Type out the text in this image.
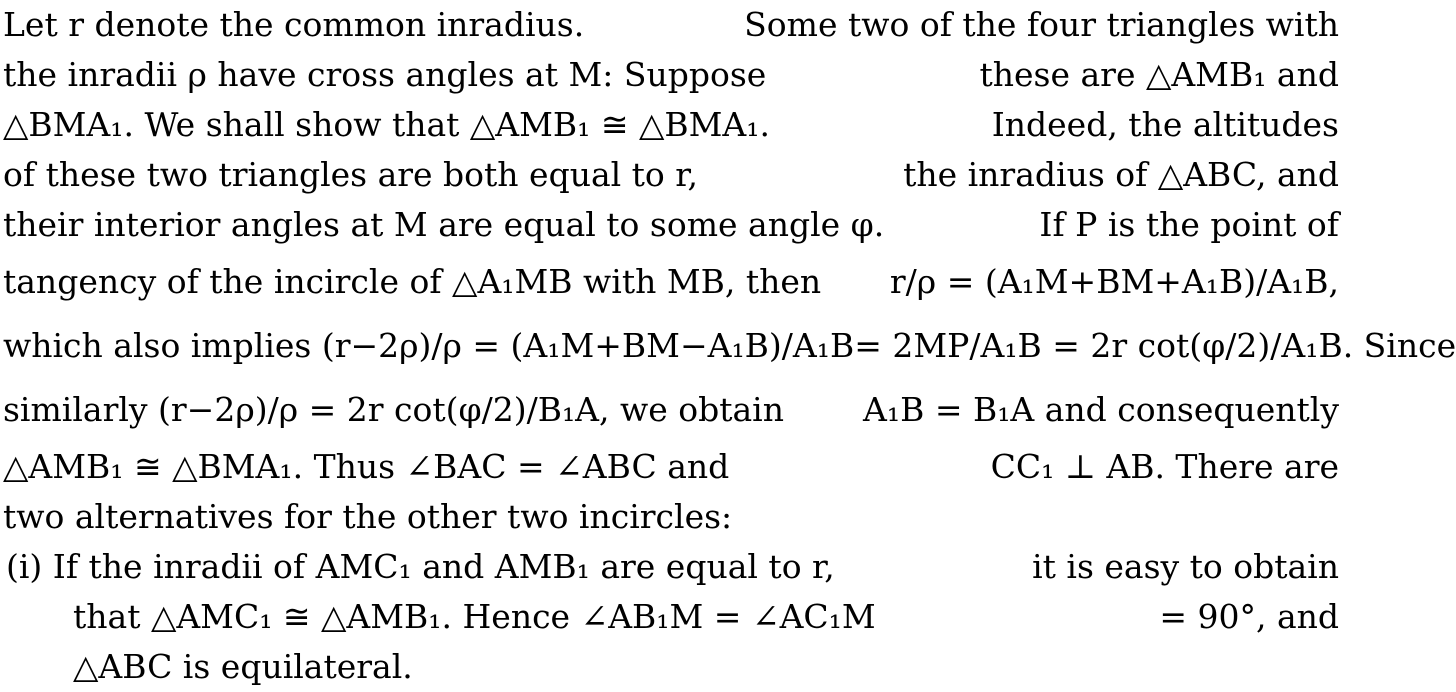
Let r denote the common inradius.	Some two of the four triangles with
the inradii ρ have cross angles at M: Suppose	these are △AMB₁ and
△BMA₁. We shall show that △AMB₁ ≅ △BMA₁.	Indeed, the altitudes
of these two triangles are both equal to r,	the inradius of △ABC, and
their interior angles at M are equal to some angle φ.	If P is the point of
tangency of the incircle of △A₁MB with MB, then r/ρ = (A₁M+BM+A₁B)/A₁B,
which also implies (r−2ρ)/ρ = (A₁M+BM−A₁B)/A₁B = 2MP/A₁B = 2r cot(φ/2)/A₁B. Since
similarly (r−2ρ)/ρ = 2r cot(φ/2)/B₁A, we obtain A₁B = B₁A and consequently
△AMB₁ ≅ △BMA₁. Thus ∠BAC = ∠ABC and	CC₁ ⊥ AB. There are
two alternatives for the other two incircles:
(i) If the inradii of AMC₁ and AMB₁ are equal to r,	it is easy to obtain
that △AMC₁ ≅ △AMB₁. Hence ∠AB₁M = ∠AC₁M	= 90°, and
△ABC is equilateral.
